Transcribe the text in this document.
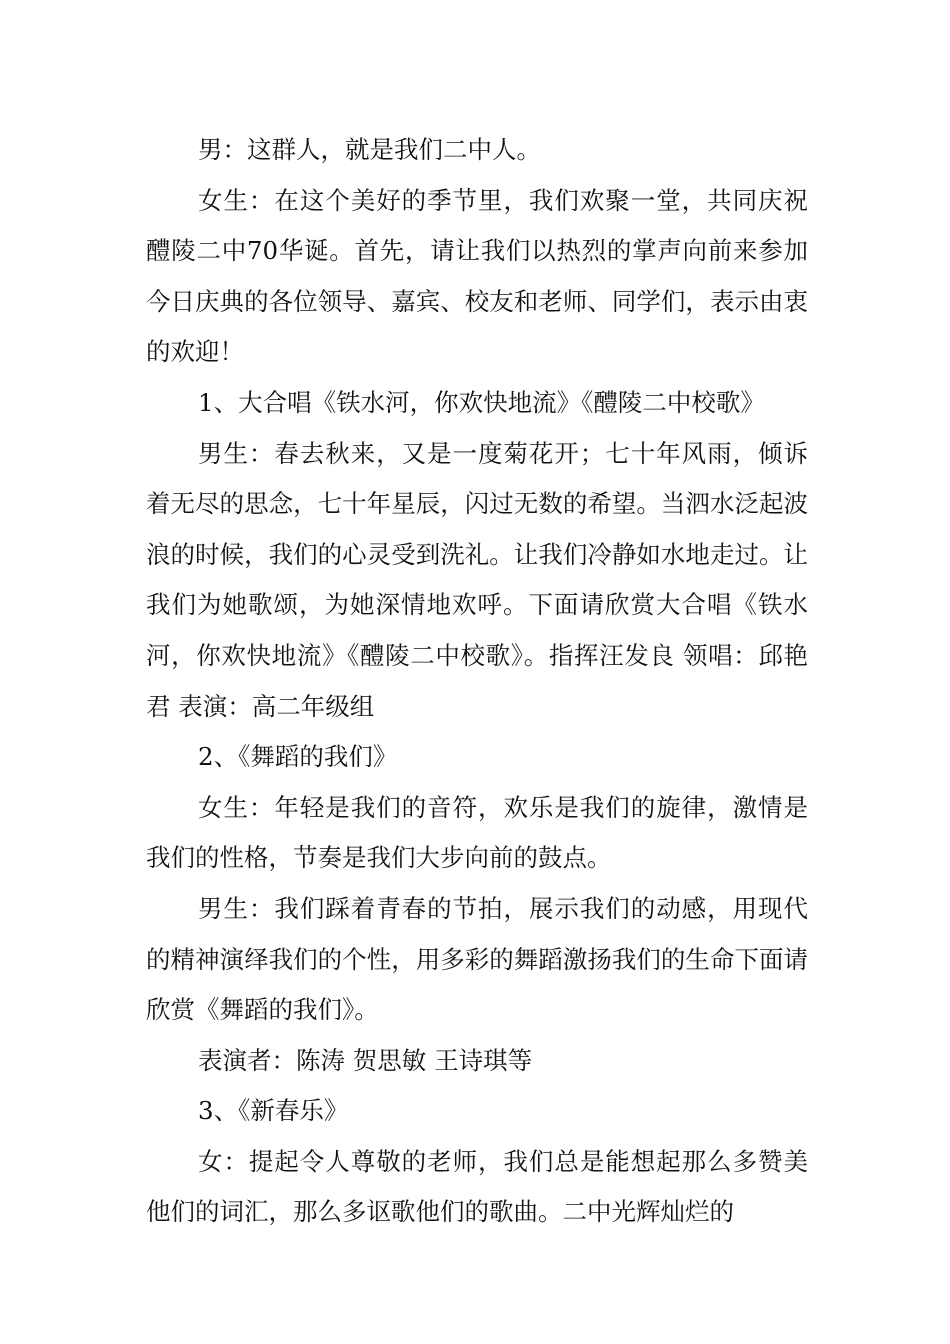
男：这群人，就是我们二中人。

女生：在这个美好的季节里，我们欢聚一堂，共同庆祝醴陵二中70华诞。首先，请让我们以热烈的掌声向前来参加今日庆典的各位领导、嘉宾、校友和老师、同学们，表示由衷的欢迎！

1、大合唱《铁水河，你欢快地流》《醴陵二中校歌》

男生：春去秋来，又是一度菊花开；七十年风雨，倾诉着无尽的思念，七十年星辰，闪过无数的希望。当泗水泛起波浪的时候，我们的心灵受到洗礼。让我们冷静如水地走过。让我们为她歌颂，为她深情地欢呼。下面请欣赏大合唱《铁水河，你欢快地流》《醴陵二中校歌》。指挥汪发良 领唱：邱艳君 表演：高二年级组

2、《舞蹈的我们》

女生：年轻是我们的音符，欢乐是我们的旋律，激情是我们的性格，节奏是我们大步向前的鼓点。

男生：我们踩着青春的节拍，展示我们的动感，用现代的精神演绎我们的个性，用多彩的舞蹈激扬我们的生命下面请欣赏《舞蹈的我们》。

表演者：陈涛 贺思敏 王诗琪等

3、《新春乐》

女：提起令人尊敬的老师，我们总是能想起那么多赞美他们的词汇，那么多讴歌他们的歌曲。二中光辉灿烂的
